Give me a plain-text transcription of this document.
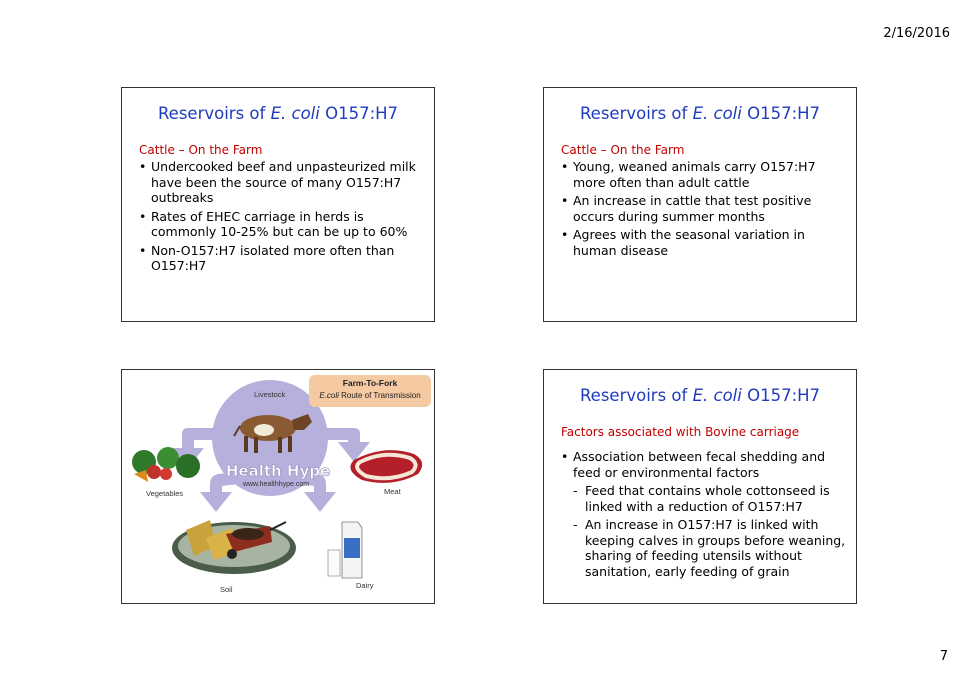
2/16/2016
Reservoirs of E. coli O157:H7
Cattle – On the Farm
• Undercooked beef and unpasteurized milk have been the source of many O157:H7 outbreaks
• Rates of EHEC carriage in herds is commonly 10-25% but can be up to 60%
• Non-O157:H7 isolated more often than O157:H7
Reservoirs of E. coli O157:H7
Cattle – On the Farm
• Young, weaned animals carry O157:H7 more often than adult cattle
• An increase in cattle that test positive occurs during summer months
• Agrees with the seasonal variation in human disease
Livestock
Farm-To-Fork
E.coli Route of Transmission
Vegetables	Meat
Health Hype
www.healthhype.com
Soil	Dairy
Reservoirs of E. coli O157:H7
Factors associated with Bovine carriage
• Association between fecal shedding and feed or environmental factors
- Feed that contains whole cottonseed is linked with a reduction of O157:H7
- An increase in O157:H7 is linked with keeping calves in groups before weaning, sharing of feeding utensils without sanitation, early feeding of grain
7
